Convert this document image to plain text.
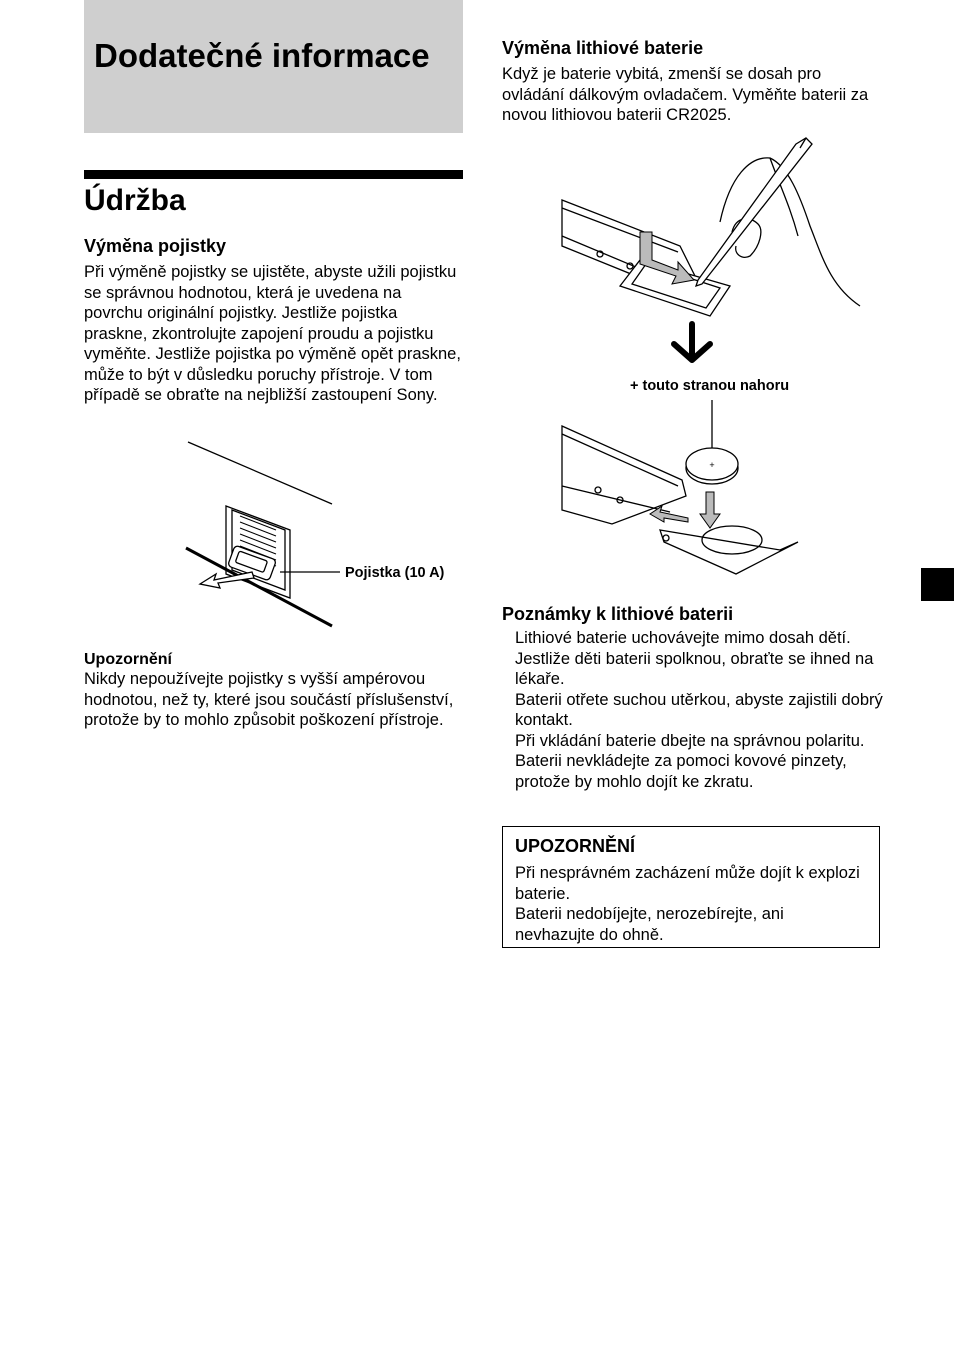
Dodatečné informace
Údržba
Výměna pojistky

Při výměně pojistky se ujistěte, abyste užili pojistku se správnou hodnotou, která je uvedena na povrchu originální pojistky. Jestliže pojistka praskne, zkontrolujte zapojení proudu a pojistku vyměňte. Jestliže pojistka po výměně opět praskne, může to být v důsledku poruchy přístroje. V tom případě se obraťte na nejbližší zastoupení Sony.

Pojistka (10 A)

Upozornění

Nikdy nepoužívejte pojistky s vyšší ampérovou hodnotou, než ty, které jsou součástí příslušenství, protože by to mohlo způsobit poškození přístroje.

Výměna lithiové baterie

Když je baterie vybitá, zmenší se dosah pro ovládání dálkovým ovladačem. Vyměňte baterii za novou lithiovou baterii CR2025.

+ touto stranou nahoru

+
Poznámky k lithiové baterii
Lithiové baterie uchovávejte mimo dosah dětí. Jestliže děti baterii spolknou, obraťte se ihned na lékaře.
Baterii otřete suchou utěrkou, abyste zajistili dobrý kontakt.
Při vkládání baterie dbejte na správnou polaritu.
Baterii nevkládejte za pomoci kovové pinzety, protože by mohlo dojít ke zkratu.

UPOZORNĚNÍ

Při nesprávném zacházení může dojít k explozi baterie.

Baterii nedobíjejte, nerozebírejte, ani nevhazujte do ohně.
